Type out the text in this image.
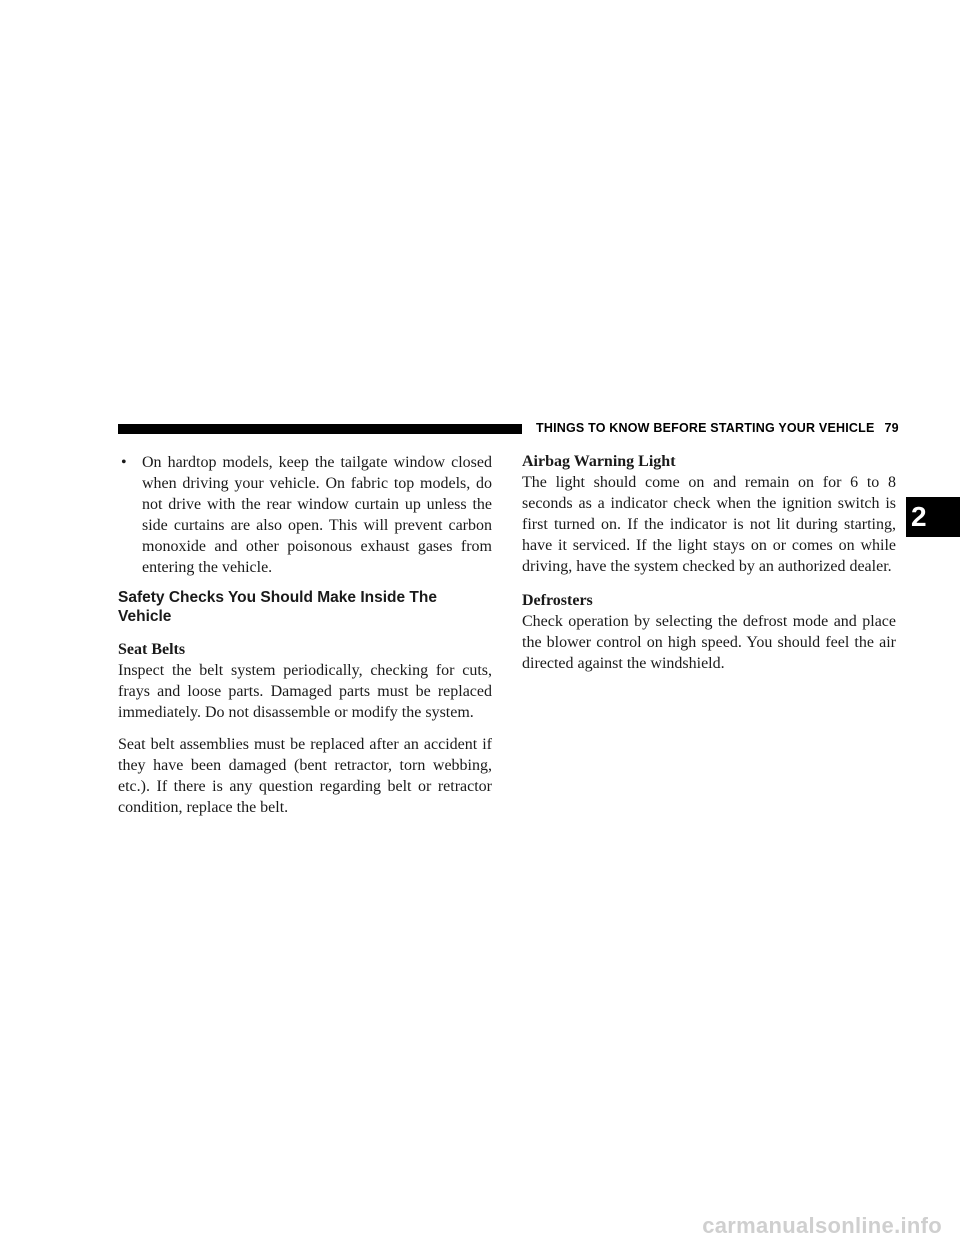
THINGS TO KNOW BEFORE STARTING YOUR VEHICLE 79
2

• On hardtop models, keep the tailgate window closed when driving your vehicle. On fabric top models, do not drive with the rear window curtain up unless the side curtains are also open. This will prevent carbon monoxide and other poisonous exhaust gases from entering the vehicle.

Safety Checks You Should Make Inside The Vehicle
Seat Belts

Inspect the belt system periodically, checking for cuts, frays and loose parts. Damaged parts must be replaced immediately. Do not disassemble or modify the system.

Seat belt assemblies must be replaced after an accident if they have been damaged (bent retractor, torn webbing, etc.). If there is any question regarding belt or retractor condition, replace the belt.

Airbag Warning Light

The light should come on and remain on for 6 to 8 seconds as a indicator check when the ignition switch is first turned on. If the indicator is not lit during starting, have it serviced. If the light stays on or comes on while driving, have the system checked by an authorized dealer.

Defrosters

Check operation by selecting the defrost mode and place the blower control on high speed. You should feel the air directed against the windshield.

carmanualsonline.info
